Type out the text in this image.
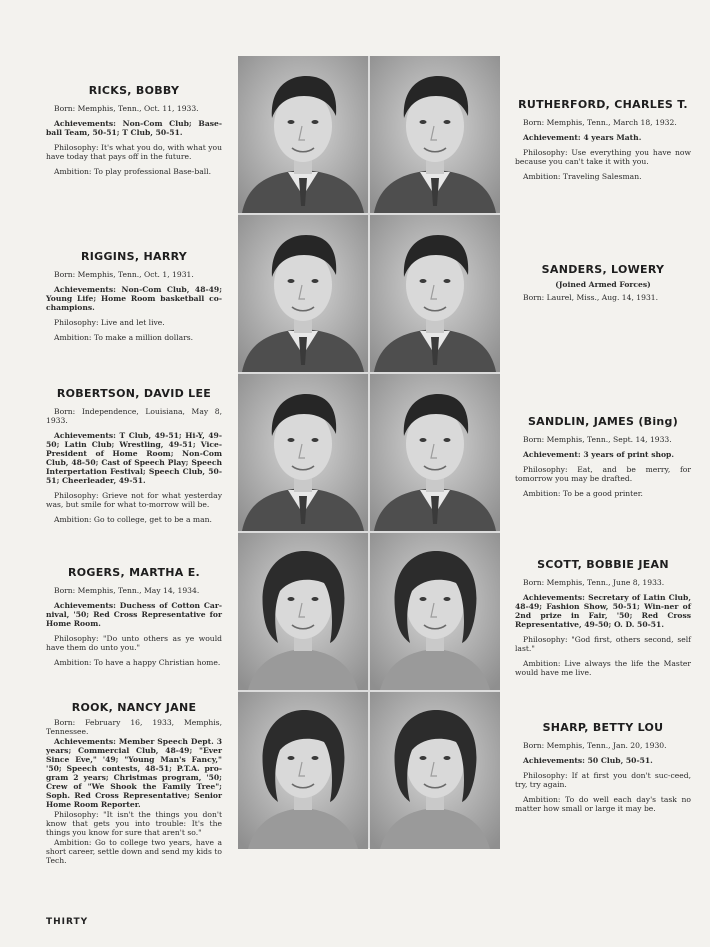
RICKS, BOBBY

Born: Memphis, Tenn., Oct. 11, 1933.

Achievements: Non-Com Club; Base-ball Team, 50-51; T Club, 50-51.

Philosophy: It's what you do, with what you have today that pays off in the future.

Ambition: To play professional Base-ball.

RIGGINS, HARRY

Born: Memphis, Tenn., Oct. 1, 1931.

Achievements: Non-Com Club, 48-49; Young Life; Home Room basketball co-champions.

Philosophy: Live and let live.

Ambition: To make a million dollars.

ROBERTSON, DAVID LEE

Born: Independence, Louisiana, May 8, 1933.

Achievements: T Club, 49-51; Hi-Y, 49-50; Latin Club; Wrestling, 49-51; Vice-President of Home Room; Non-Com Club, 48-50; Cast of Speech Play; Speech Interpertation Festival; Speech Club, 50-51; Cheerleader, 49-51.

Philosophy: Grieve not for what yesterday was, but smile for what to-morrow will be.

Ambition: Go to college, get to be a man.

ROGERS, MARTHA E.

Born: Memphis, Tenn., May 14, 1934.

Achievements: Duchess of Cotton Car-nival, '50; Red Cross Representative for Home Room.

Philosophy: "Do unto others as ye would have them do unto you."

Ambition: To have a happy Christian home.

ROOK, NANCY JANE

Born: February 16, 1933, Memphis, Tennessee.

Achievements: Member Speech Dept. 3 years; Commercial Club, 48-49; "Ever Since Eve," '49; "Young Man's Fancy," '50; Speech contests, 48-51; P.T.A. pro-gram 2 years; Christmas program, '50; Crew of "We Shook the Family Tree"; Soph. Red Cross Representative; Senior Home Room Reporter.

Philosophy: "It isn't the things you don't know that gets you into trouble: It's the things you know for sure that aren't so."

Ambition: Go to college two years, have a short career, settle down and send my kids to Tech.

RUTHERFORD, CHARLES T.

Born: Memphis, Tenn., March 18, 1932.

Achievement: 4 years Math.

Philosophy: Use everything you have now because you can't take it with you.

Ambition: Traveling Salesman.

SANDERS, LOWERY
(Joined Armed Forces)

Born: Laurel, Miss., Aug. 14, 1931.

SANDLIN, JAMES (Bing)

Born: Memphis, Tenn., Sept. 14, 1933.

Achievement: 3 years of print shop.

Philosophy: Eat, and be merry, for tomorrow you may be drafted.

Ambition: To be a good printer.

SCOTT, BOBBIE JEAN

Born: Memphis, Tenn., June 8, 1933.

Achievements: Secretary of Latin Club, 48-49; Fashion Show, 50-51; Win-ner of 2nd prize in Fair, '50; Red Cross Representative, 49-50; O. D. 50-51.

Philosophy: "God first, others second, self last."

Ambition: Live always the life the Master would have me live.

SHARP, BETTY LOU

Born: Memphis, Tenn., Jan. 20, 1930.

Achievements: 50 Club, 50-51.

Philosophy: If at first you don't suc-ceed, try, try again.

Ambition: To do well each day's task no matter how small or large it may be.

THIRTY
